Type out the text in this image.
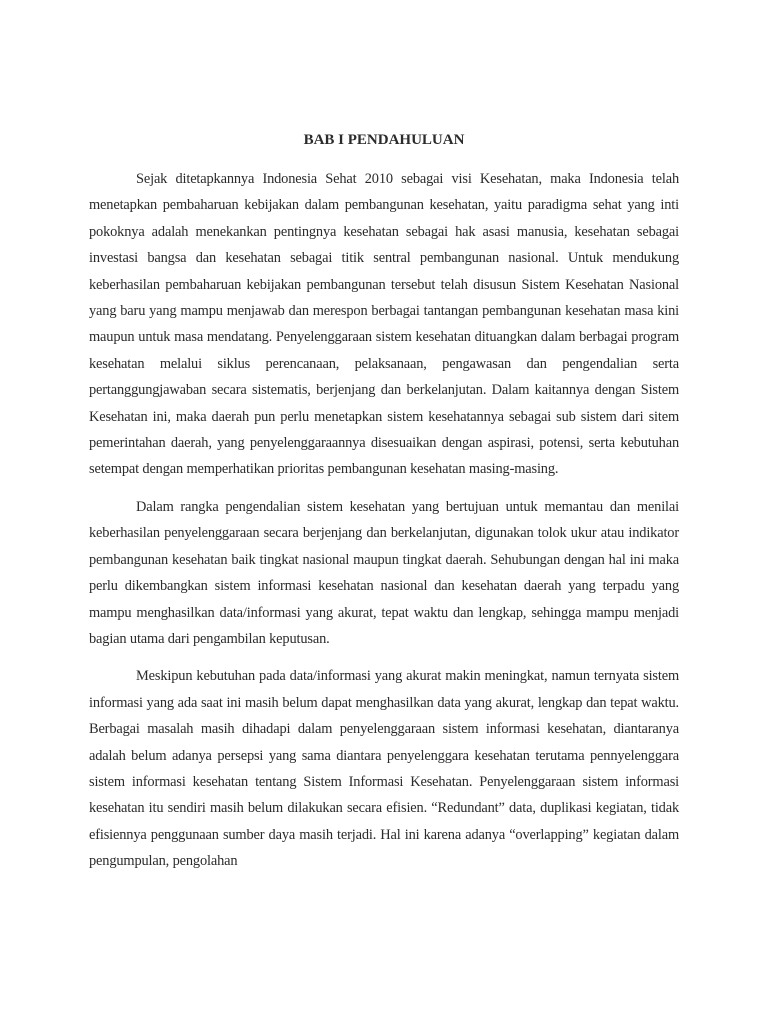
BAB I PENDAHULUAN

Sejak ditetapkannya Indonesia Sehat 2010 sebagai visi Kesehatan, maka Indonesia telah menetapkan pembaharuan kebijakan dalam pembangunan kesehatan, yaitu paradigma sehat yang inti pokoknya adalah menekankan pentingnya kesehatan sebagai hak asasi manusia, kesehatan sebagai investasi bangsa dan kesehatan sebagai titik sentral pembangunan nasional. Untuk mendukung keberhasilan pembaharuan kebijakan pembangunan tersebut telah disusun Sistem Kesehatan Nasional yang baru yang mampu menjawab dan merespon berbagai tantangan pembangunan kesehatan masa kini maupun untuk masa mendatang. Penyelenggaraan sistem kesehatan dituangkan dalam berbagai program kesehatan melalui siklus perencanaan, pelaksanaan, pengawasan dan pengendalian serta pertanggungjawaban secara sistematis, berjenjang dan berkelanjutan. Dalam kaitannya dengan Sistem Kesehatan ini, maka daerah pun perlu menetapkan sistem kesehatannya sebagai sub sistem dari sitem pemerintahan daerah, yang penyelenggaraannya disesuaikan dengan aspirasi, potensi, serta kebutuhan setempat dengan memperhatikan prioritas pembangunan kesehatan masing-masing.

Dalam rangka pengendalian sistem kesehatan yang bertujuan untuk memantau dan menilai keberhasilan penyelenggaraan secara berjenjang dan berkelanjutan, digunakan tolok ukur atau indikator pembangunan kesehatan baik tingkat nasional maupun tingkat daerah. Sehubungan dengan hal ini maka perlu dikembangkan sistem informasi kesehatan nasional dan kesehatan daerah yang terpadu yang mampu menghasilkan data/informasi yang akurat, tepat waktu dan lengkap, sehingga mampu menjadi bagian utama dari pengambilan keputusan.

Meskipun kebutuhan pada data/informasi yang akurat makin meningkat, namun ternyata sistem informasi yang ada saat ini masih belum dapat menghasilkan data yang akurat, lengkap dan tepat waktu. Berbagai masalah masih dihadapi dalam penyelenggaraan sistem informasi kesehatan, diantaranya adalah belum adanya persepsi yang sama diantara penyelenggara kesehatan terutama pennyelenggara sistem informasi kesehatan tentang Sistem Informasi Kesehatan. Penyelenggaraan sistem informasi kesehatan itu sendiri masih belum dilakukan secara efisien. “Redundant” data, duplikasi kegiatan, tidak efisiennya penggunaan sumber daya masih terjadi. Hal ini karena adanya “overlapping” kegiatan dalam pengumpulan, pengolahan
